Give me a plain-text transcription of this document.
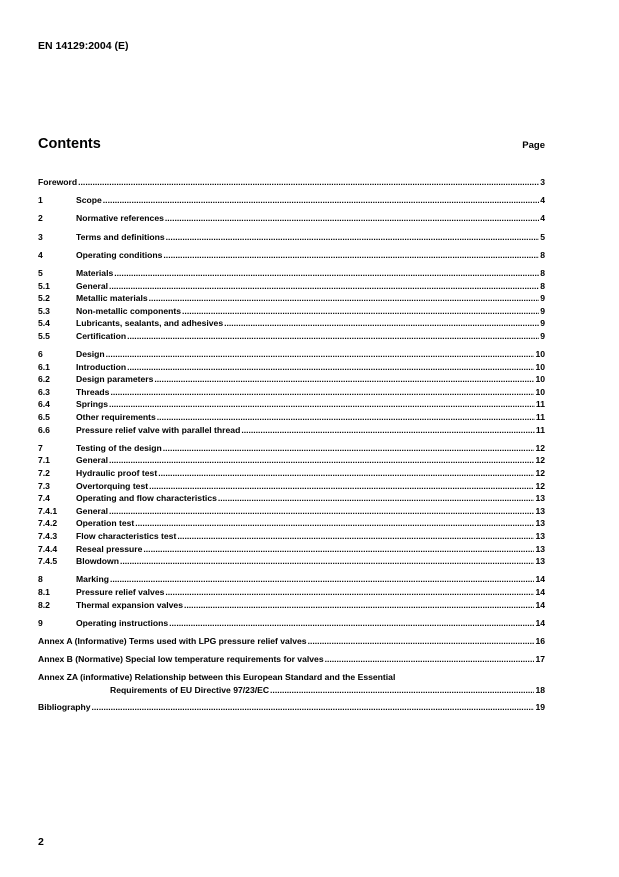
EN 14129:2004 (E)
Contents	Page
Foreword .....	3
1	Scope .....	4
2	Normative references .....	4
3	Terms and definitions .....	5
4	Operating conditions .....	8
5	Materials .....	8
5.1	General .....	8
5.2	Metallic materials .....	9
5.3	Non-metallic components .....	9
5.4	Lubricants, sealants, and adhesives .....	9
5.5	Certification .....	9
6	Design .....	10
6.1	Introduction .....	10
6.2	Design parameters .....	10
6.3	Threads .....	10
6.4	Springs .....	11
6.5	Other requirements .....	11
6.6	Pressure relief valve with parallel thread .....	11
7	Testing of the design .....	12
7.1	General .....	12
7.2	Hydraulic proof test .....	12
7.3	Overtorquing test .....	12
7.4	Operating and flow characteristics .....	13
7.4.1	General .....	13
7.4.2	Operation test .....	13
7.4.3	Flow characteristics test .....	13
7.4.4	Reseal pressure .....	13
7.4.5	Blowdown .....	13
8	Marking .....	14
8.1	Pressure relief valves .....	14
8.2	Thermal expansion valves .....	14
9	Operating instructions .....	14
Annex A (Informative) Terms used with LPG pressure relief valves .....	16
Annex B (Normative) Special low temperature requirements for valves .....	17
Annex ZA (informative) Relationship between this European Standard and the Essential
Requirements of EU Directive 97/23/EC .....	18
Bibliography .....	19
2
